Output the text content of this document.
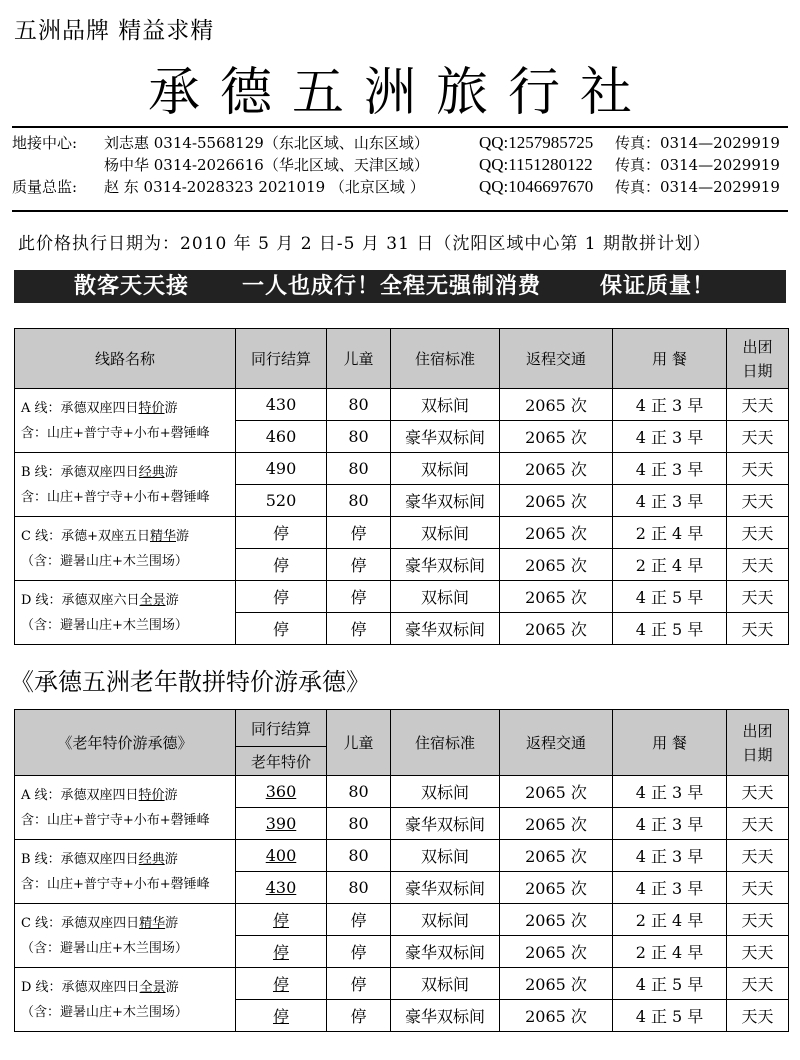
五洲品牌 精益求精
承德五洲旅行社
地接中心: 刘志惠 0314-5568129（东北区域、山东区域）	QQ:1257985725 传真：0314—2029919
杨中华 0314-2026616（华北区域、天津区域）	QQ:1151280122 传真：0314—2029919
质量总监: 赵 东 0314-2028323 2021019 （北京区域 ）	QQ:1046697670 传真：0314—2029919
此价格执行日期为：2010 年 5 月 2 日-5 月 31 日（沈阳区域中心第 1 期散拼计划）
散客天天接 一人也成行！全程无强制消费	保证质量！
线路名称	同行结算	儿童	住宿标准	返程交通	用 餐	出团
日期

A 线：承德双座四日特价游
含：山庄+普宁寺+小布+磬锤峰	430	80	双标间	2065 次	4 正 3 早	天天
	460	80	豪华双标间	2065 次	4 正 3 早	天天

B 线：承德双座四日经典游
含：山庄+普宁寺+小布+磬锤峰	490	80	双标间	2065 次	4 正 3 早	天天
	520	80	豪华双标间	2065 次	4 正 3 早	天天

C 线：承德+双座五日精华游
（含：避暑山庄+木兰围场）	停	停	双标间	2065 次	2 正 4 早	天天
	停	停	豪华双标间	2065 次	2 正 4 早	天天

D 线：承德双座六日全景游
（含：避暑山庄+木兰围场）	停	停	双标间	2065 次	4 正 5 早	天天
	停	停	豪华双标间	2065 次	4 正 5 早	天天
《承德五洲老年散拼特价游承德》
《老年特价游承德》	同行结算	儿童	住宿标准	返程交通	用 餐	出团
日期

	老年特价					

A 线：承德双座四日特价游
含：山庄+普宁寺+小布+磬锤峰	360	80	双标间	2065 次	4 正 3 早	天天
	390	80	豪华双标间	2065 次	4 正 3 早	天天

B 线：承德双座四日经典游
含：山庄+普宁寺+小布+磬锤峰	400	80	双标间	2065 次	4 正 3 早	天天
	430	80	豪华双标间	2065 次	4 正 3 早	天天

C 线：承德双座四日精华游
（含：避暑山庄+木兰围场）	停	停	双标间	2065 次	2 正 4 早	天天
	停	停	豪华双标间	2065 次	2 正 4 早	天天

D 线：承德双座四日全景游
（含：避暑山庄+木兰围场）	停	停	双标间	2065 次	4 正 5 早	天天
	停	停	豪华双标间	2065 次	4 正 5 早	天天
